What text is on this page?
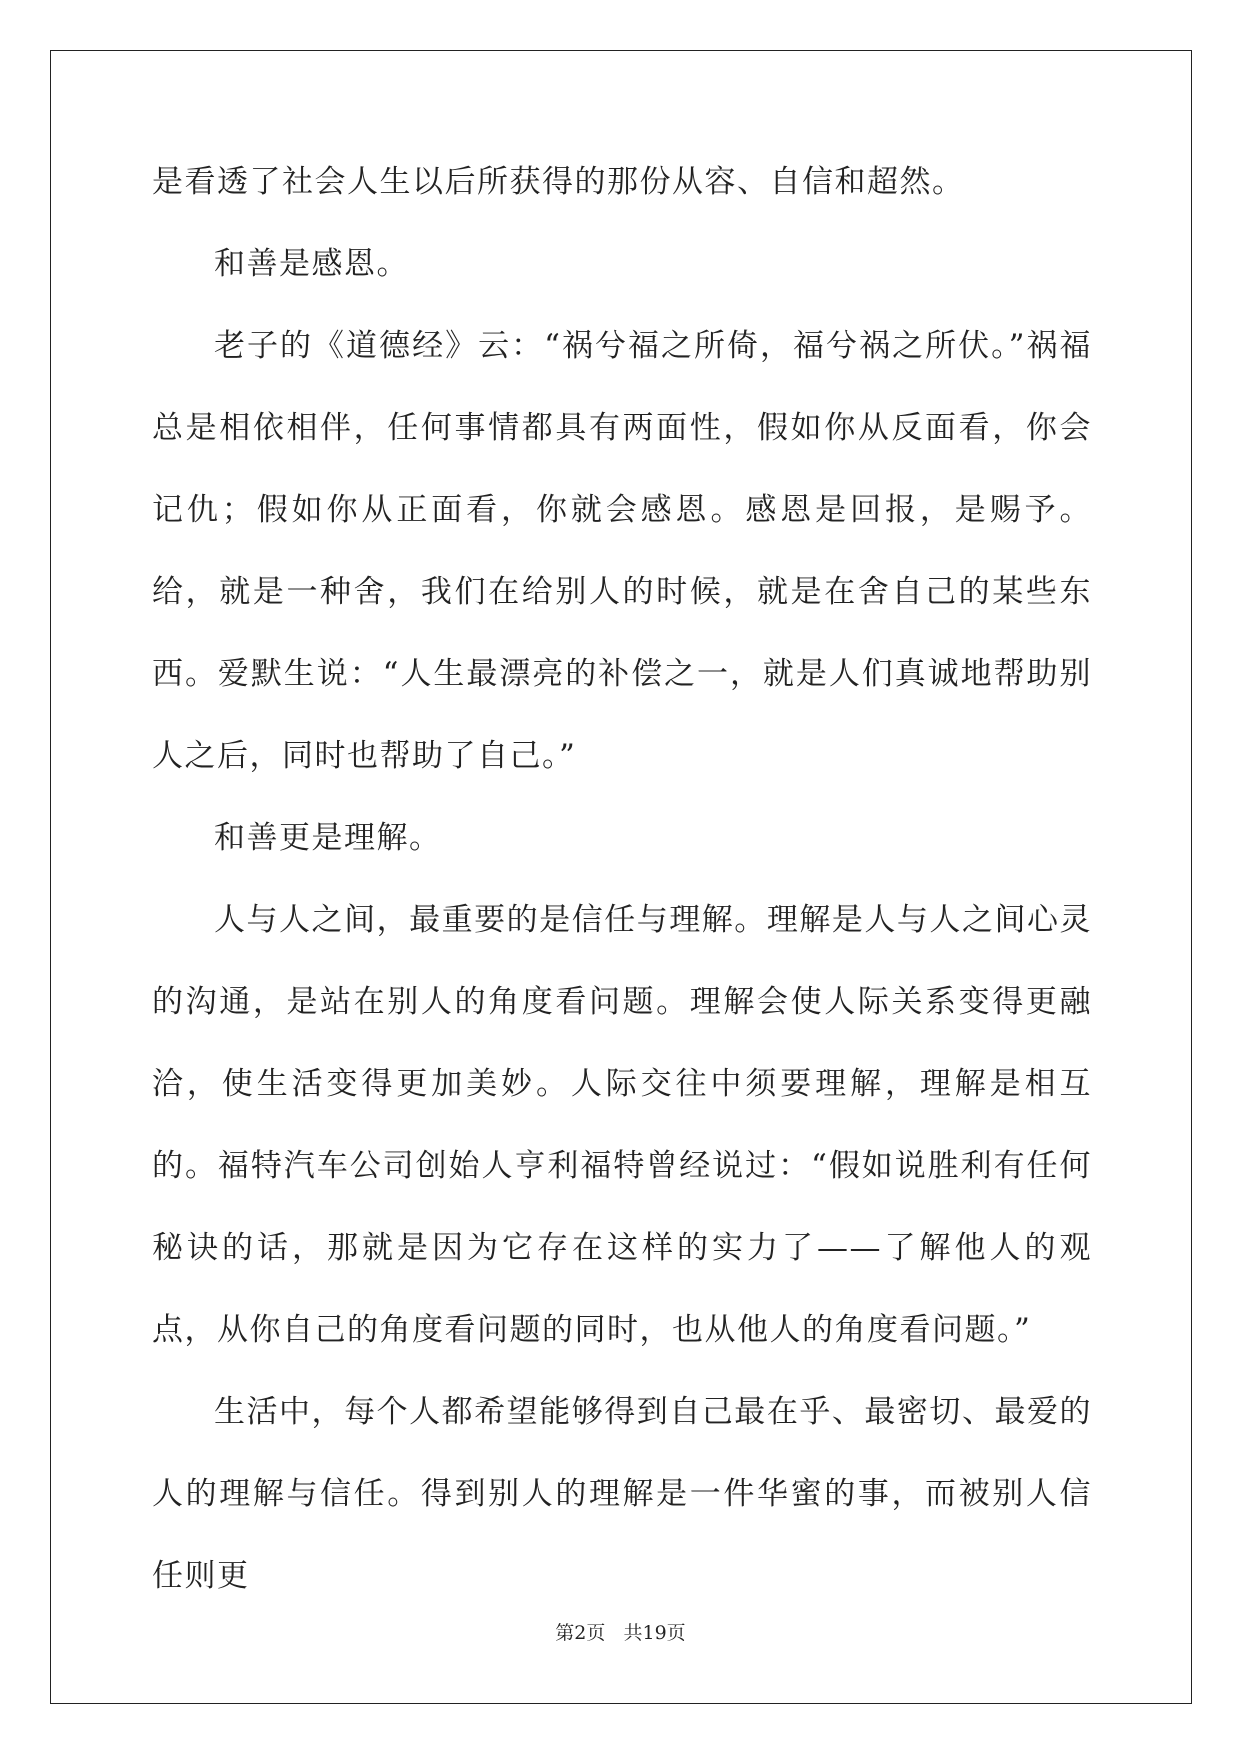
是看透了社会人生以后所获得的那份从容、自信和超然。

和善是感恩。

老子的《道德经》云：“祸兮福之所倚，福兮祸之所伏。”祸福总是相依相伴，任何事情都具有两面性，假如你从反面看，你会记仇；假如你从正面看，你就会感恩。感恩是回报，是赐予。给，就是一种舍，我们在给别人的时候，就是在舍自己的某些东西。爱默生说：“人生最漂亮的补偿之一，就是人们真诚地帮助别人之后，同时也帮助了自己。”

和善更是理解。

人与人之间，最重要的是信任与理解。理解是人与人之间心灵的沟通，是站在别人的角度看问题。理解会使人际关系变得更融洽，使生活变得更加美妙。人际交往中须要理解，理解是相互的。福特汽车公司创始人亨利福特曾经说过：“假如说胜利有任何秘诀的话，那就是因为它存在这样的实力了——了解他人的观点，从你自己的角度看问题的同时，也从他人的角度看问题。”

生活中，每个人都希望能够得到自己最在乎、最密切、最爱的人的理解与信任。得到别人的理解是一件华蜜的事，而被别人信任则更

第2页   共19页
